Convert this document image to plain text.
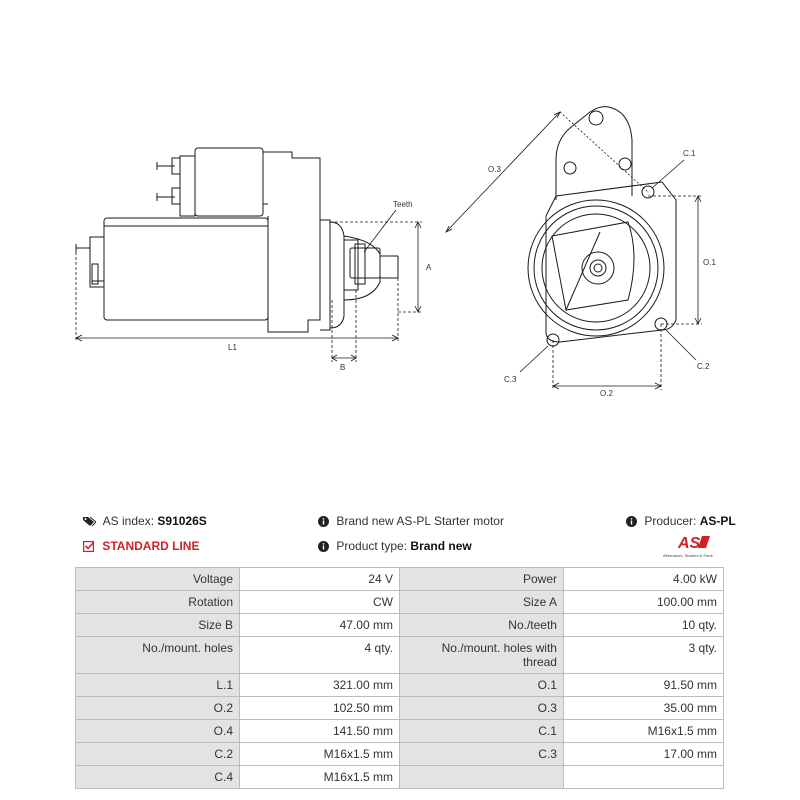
Teeth
A
L1
B
O.3
C.1
O.1
C.2
C.3
O.2
AS index: S91026S	Brand new AS-PL Starter motor	Producer: AS-PL
STANDARD LINE	Product type: Brand new	AS
Alternators, Starters & Parts
Voltage	24 V	Power	4.00 kW
Rotation	CW	Size A	100.00 mm
Size B	47.00 mm	No./teeth	10 qty.
No./mount. holes	4 qty.	No./mount. holes with thread	3 qty.
L.1	321.00 mm	O.1	91.50 mm
O.2	102.50 mm	O.3	35.00 mm
O.4	141.50 mm	C.1	M16x1.5 mm
C.2	M16x1.5 mm	C.3	17.00 mm
C.4	M16x1.5 mm		
